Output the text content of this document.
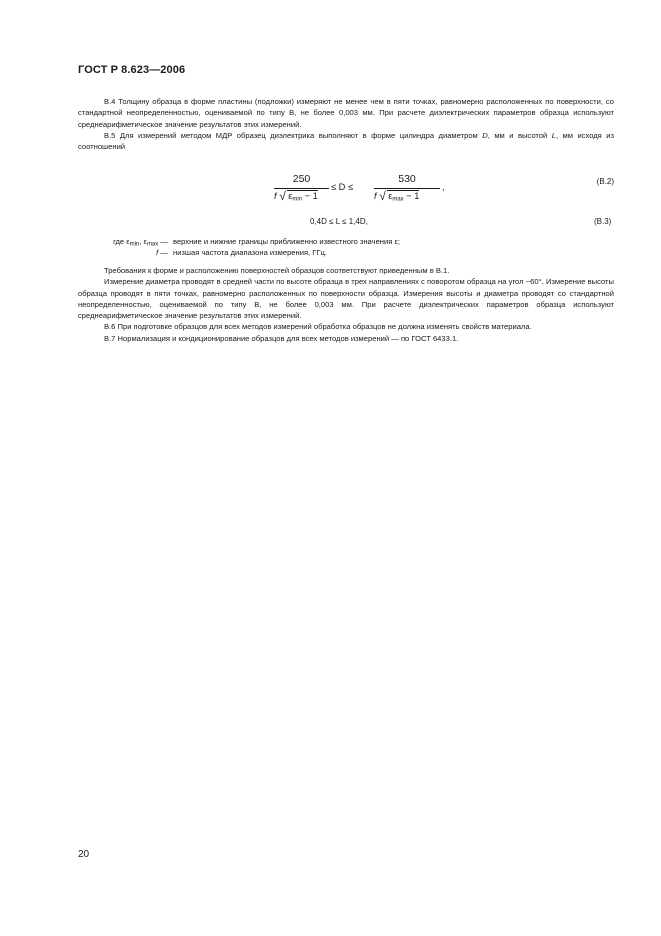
ГОСТ Р 8.623—2006

В.4 Толщину образца в форме пластины (подложки) измеряют не менее чем в пяти точках, равномерно расположенных по поверхности, со стандартной неопределенностью, оцениваемой по типу B, не более 0,003 мм. При расчете диэлектрических параметров образца используют среднеарифметическое значение результатов этих измерений.

В.5 Для измерений методом МДР образец диэлектрика выполняют в форме цилиндра диаметром D, мм и высотой L, мм исходя из соотношений

250
f √ $\varepsilon_{min} - 1$
≤ D ≤
530
f √ $\varepsilon_{max} - 1$
,
(В.2)
0,4D ≤ L ≤ 1,4D,	(В.3)
где $\varepsilon_{min}$, $\varepsilon_{max}$ — верхние и нижние границы приближенно известного значения ε;
f — низшая частота диапазона измерения, ГГц.

Требования к форме и расположению поверхностей образцов соответствуют приведенным в В.1.

Измерение диаметра проводят в средней части по высоте образца в трех направлениях с поворотом образца на угол ~60°. Измерение высоты образца проводят в пяти точках, равномерно расположенных по поверхности образца. Измерения высоты и диаметра проводят со стандартной неопределенностью, оцениваемой по типу B, не более 0,003 мм. При расчете диэлектрических параметров образца используют среднеарифметическое значение результатов этих измерений.

В.6 При подготовке образцов для всех методов измерений обработка образцов не должна изменять свойств материала.

В.7 Нормализация и кондиционирование образцов для всех методов измерений — по ГОСТ 6433.1.

20
